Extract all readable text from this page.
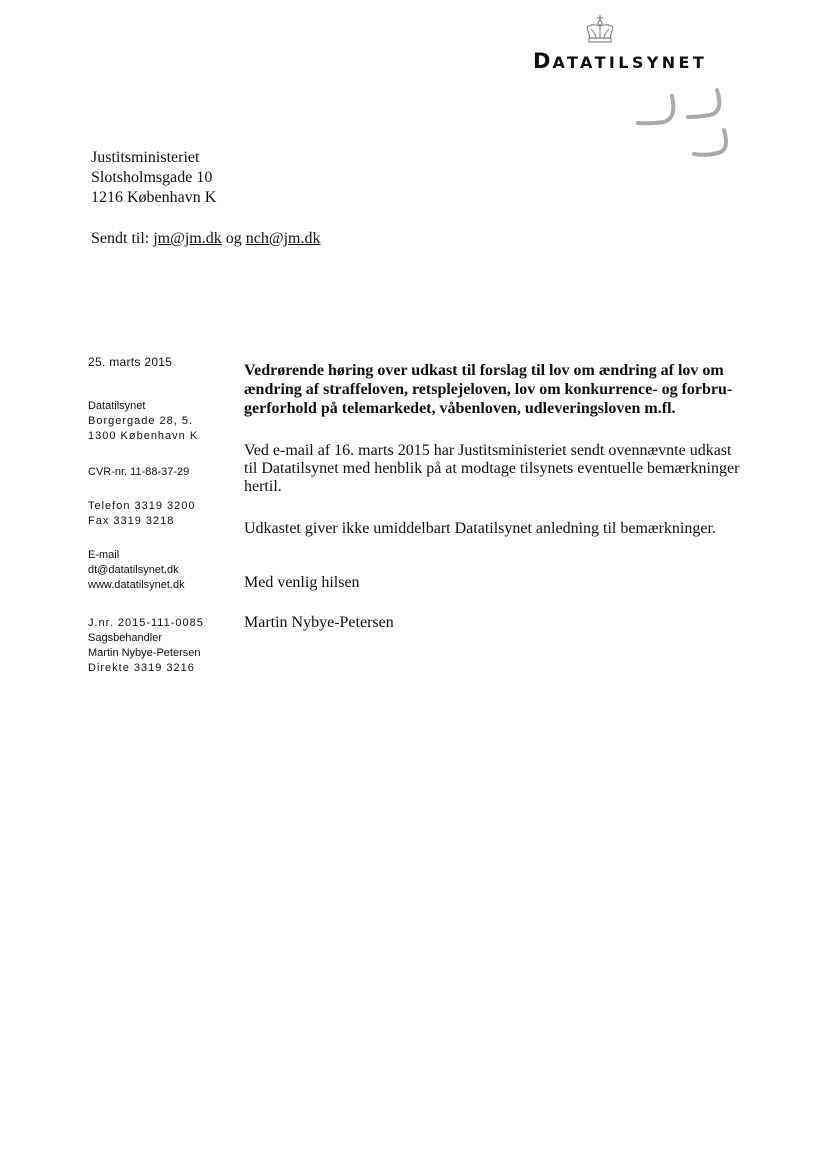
DATATILSYNET
Justitsministeriet
Slotsholmsgade 10
1216 København K
Sendt til: jm@jm.dk og nch@jm.dk
25. marts 2015
Datatilsynet
Borgergade 28, 5.
1300 København K
CVR-nr. 11-88-37-29
Telefon 3319 3200
Fax 3319 3218
E-mail
dt@datatilsynet.dk
www.datatilsynet.dk
J.nr. 2015-111-0085
Sagsbehandler
Martin Nybye-Petersen
Direkte 3319 3216
Vedrørende høring over udkast til forslag til lov om ændring af lov om
ændring af straffeloven, retsplejeloven, lov om konkurrence- og forbru-
gerforhold på telemarkedet, våbenloven, udleveringsloven m.fl.
Ved e-mail af 16. marts 2015 har Justitsministeriet sendt ovennævnte udkast
til Datatilsynet med henblik på at modtage tilsynets eventuelle bemærkninger
hertil.
Udkastet giver ikke umiddelbart Datatilsynet anledning til bemærkninger.
Med venlig hilsen
Martin Nybye-Petersen
